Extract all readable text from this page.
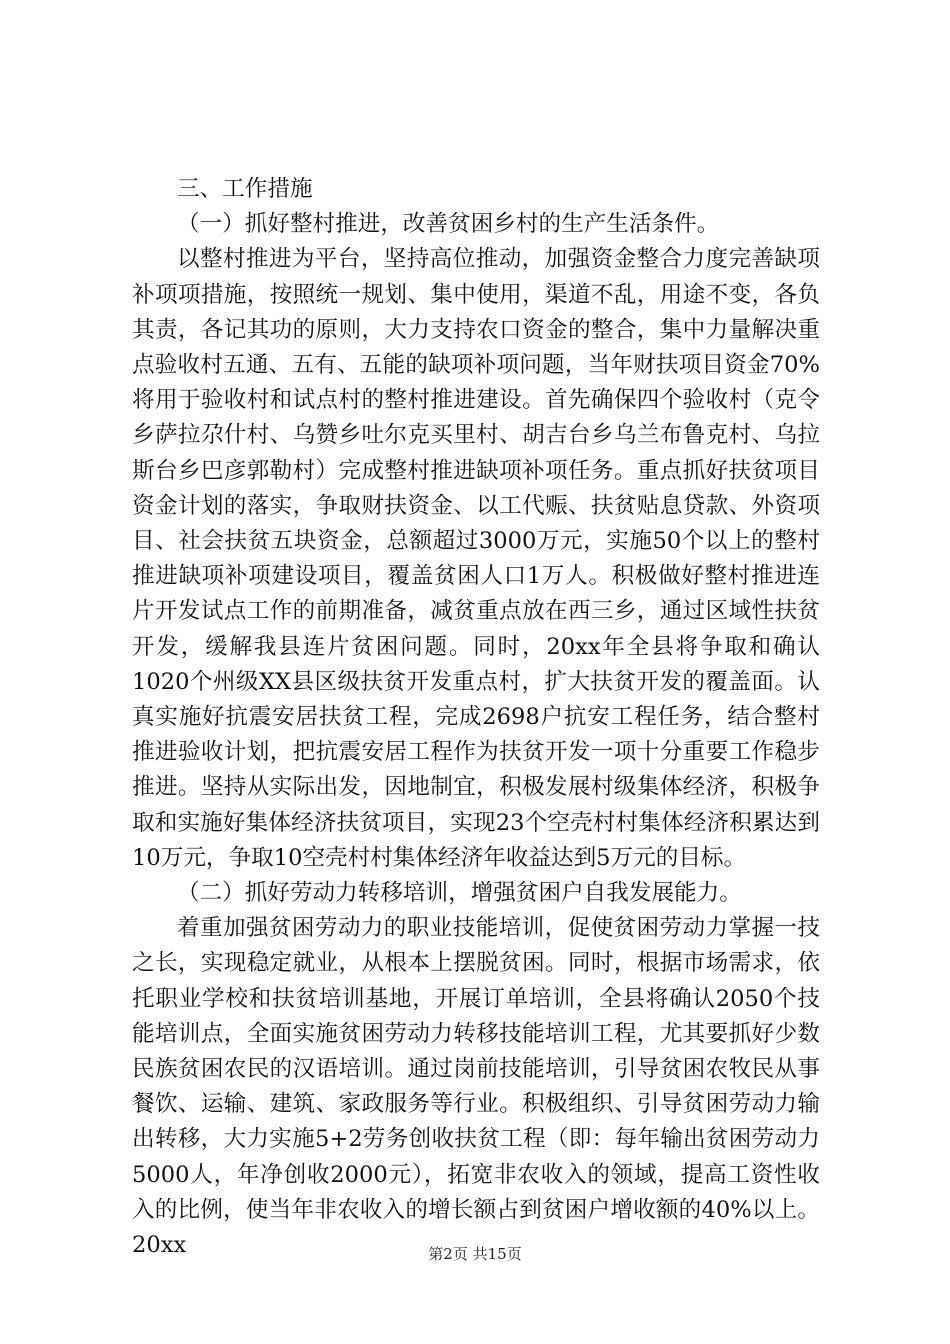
三、工作措施

（一）抓好整村推进，改善贫困乡村的生产生活条件。

以整村推进为平台，坚持高位推动，加强资金整合力度完善缺项补项项措施，按照统一规划、集中使用，渠道不乱，用途不变，各负其责，各记其功的原则，大力支持农口资金的整合，集中力量解决重点验收村五通、五有、五能的缺项补项问题，当年财扶项目资金70%将用于验收村和试点村的整村推进建设。首先确保四个验收村（克令乡萨拉尕什村、乌赞乡吐尔克买里村、胡吉台乡乌兰布鲁克村、乌拉斯台乡巴彦郭勒村）完成整村推进缺项补项任务。重点抓好扶贫项目资金计划的落实，争取财扶资金、以工代赈、扶贫贴息贷款、外资项目、社会扶贫五块资金，总额超过3000万元，实施50个以上的整村推进缺项补项建设项目，覆盖贫困人口1万人。积极做好整村推进连片开发试点工作的前期准备，减贫重点放在西三乡，通过区域性扶贫开发，缓解我县连片贫困问题。同时，20xx年全县将争取和确认1020个州级XX县区级扶贫开发重点村，扩大扶贫开发的覆盖面。认真实施好抗震安居扶贫工程，完成2698户抗安工程任务，结合整村推进验收计划，把抗震安居工程作为扶贫开发一项十分重要工作稳步推进。坚持从实际出发，因地制宜，积极发展村级集体经济，积极争取和实施好集体经济扶贫项目，实现23个空壳村村集体经济积累达到10万元，争取10空壳村村集体经济年收益达到5万元的目标。

（二）抓好劳动力转移培训，增强贫困户自我发展能力。

着重加强贫困劳动力的职业技能培训，促使贫困劳动力掌握一技之长，实现稳定就业，从根本上摆脱贫困。同时，根据市场需求，依托职业学校和扶贫培训基地，开展订单培训，全县将确认2050个技能培训点，全面实施贫困劳动力转移技能培训工程，尤其要抓好少数民族贫困农民的汉语培训。通过岗前技能培训，引导贫困农牧民从事餐饮、运输、建筑、家政服务等行业。积极组织、引导贫困劳动力输出转移，大力实施5+2劳务创收扶贫工程（即：每年输出贫困劳动力5000人，年净创收2000元），拓宽非农收入的领域，提高工资性收入的比例，使当年非农收入的增长额占到贫困户增收额的40%以上。20xx	第2页 共15页
